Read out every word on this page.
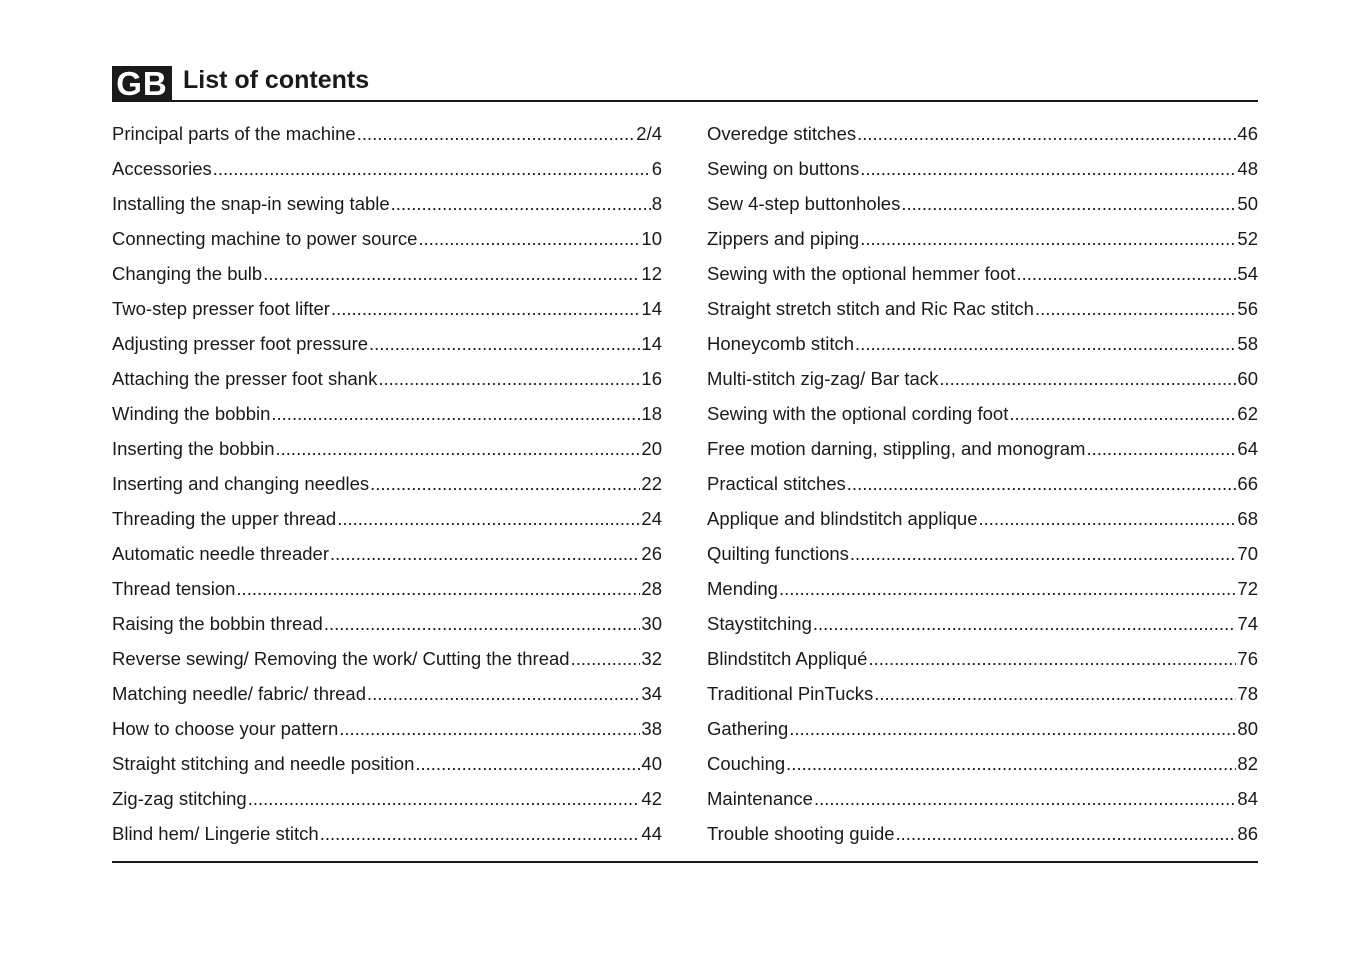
GB List of contents
Principal parts of the machine .....	2/4
Accessories .....	6
Installing the snap-in sewing table .....	8
Connecting machine to power source .....	10
Changing the bulb .....	12
Two-step presser foot lifter .....	14
Adjusting presser foot pressure .....	14
Attaching the presser foot shank .....	16
Winding the bobbin .....	18
Inserting the bobbin .....	20
Inserting and changing needles .....	22
Threading the upper thread .....	24
Automatic needle threader .....	26
Thread tension .....	28
Raising the bobbin thread .....	30
Reverse sewing/ Removing the work/ Cutting the thread .....	32
Matching needle/ fabric/ thread .....	34
How to choose your pattern .....	38
Straight stitching and needle position .....	40
Zig-zag stitching .....	42
Blind hem/ Lingerie stitch .....	44
Overedge stitches .....	46
Sewing on buttons .....	48
Sew 4-step buttonholes .....	50
Zippers and piping .....	52
Sewing with the optional hemmer foot .....	54
Straight stretch stitch and Ric Rac stitch .....	56
Honeycomb stitch .....	58
Multi-stitch zig-zag/ Bar tack .....	60
Sewing with the optional cording foot .....	62
Free motion darning, stippling, and monogram .....	64
Practical stitches .....	66
Applique and blindstitch applique .....	68
Quilting functions .....	70
Mending .....	72
Staystitching .....	74
Blindstitch Appliqué .....	76
Traditional PinTucks .....	78
Gathering .....	80
Couching .....	82
Maintenance .....	84
Trouble shooting guide .....	86
